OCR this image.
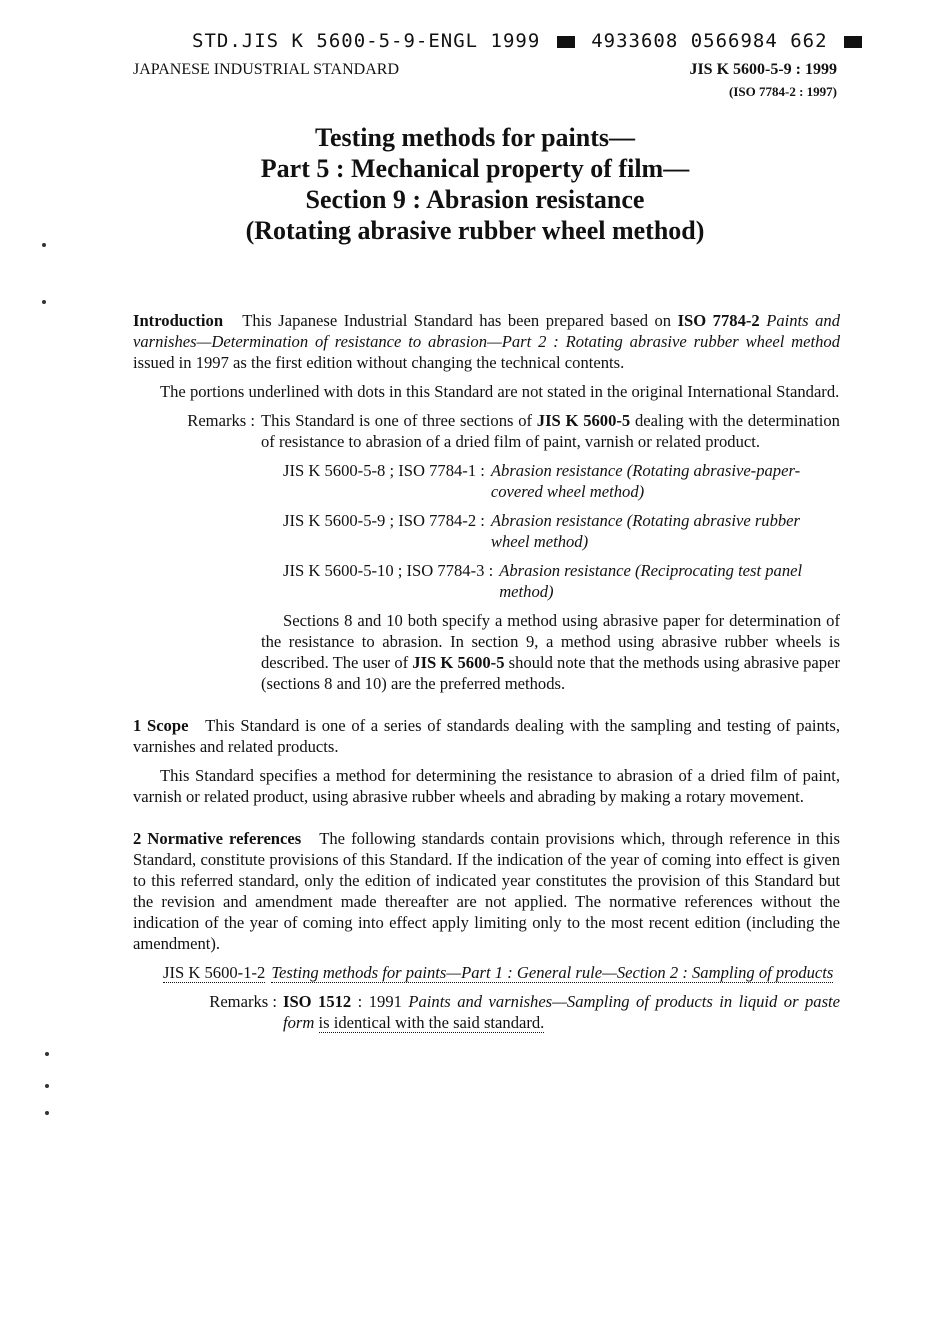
STD.JIS K 5600-5-9-ENGL 1999	4933608 0566984 662
JAPANESE INDUSTRIAL STANDARD	JIS K 5600-5-9 : 1999
(ISO 7784-2 : 1997)
Testing methods for paints—
Part 5 : Mechanical property of film—
Section 9 : Abrasion resistance
(Rotating abrasive rubber wheel method)

Introduction This Japanese Industrial Standard has been prepared based on ISO 7784-2 Paints and varnishes—Determination of resistance to abrasion—Part 2 : Rotating abrasive rubber wheel method issued in 1997 as the first edition without changing the technical contents.

The portions underlined with dots in this Standard are not stated in the original International Standard.

Remarks : This Standard is one of three sections of JIS K 5600-5 dealing with the determination of resistance to abrasion of a dried film of paint, varnish or related product.

JIS K 5600-5-8 ; ISO 7784-1 : Abrasion resistance (Rotating abrasive-paper-covered wheel method)
JIS K 5600-5-9 ; ISO 7784-2 : Abrasion resistance (Rotating abrasive rubber wheel method)
JIS K 5600-5-10 ; ISO 7784-3 : Abrasion resistance (Reciprocating test panel method)

Sections 8 and 10 both specify a method using abrasive paper for determination of the resistance to abrasion. In section 9, a method using abrasive rubber wheels is described. The user of JIS K 5600-5 should note that the methods using abrasive paper (sections 8 and 10) are the preferred methods.

1 Scope This Standard is one of a series of standards dealing with the sampling and testing of paints, varnishes and related products.

This Standard specifies a method for determining the resistance to abrasion of a dried film of paint, varnish or related product, using abrasive rubber wheels and abrading by making a rotary movement.

2 Normative references The following standards contain provisions which, through reference in this Standard, constitute provisions of this Standard. If the indication of the year of coming into effect is given to this referred standard, only the edition of indicated year constitutes the provision of this Standard but the revision and amendment made thereafter are not applied. The normative references without the indication of the year of coming into effect apply limiting only to the most recent edition (including the amendment).

JIS K 5600-1-2 Testing methods for paints—Part 1 : General rule—Section 2 : Sampling of products
Remarks : ISO 1512 : 1991 Paints and varnishes—Sampling of products in liquid or paste form is identical with the said standard.
